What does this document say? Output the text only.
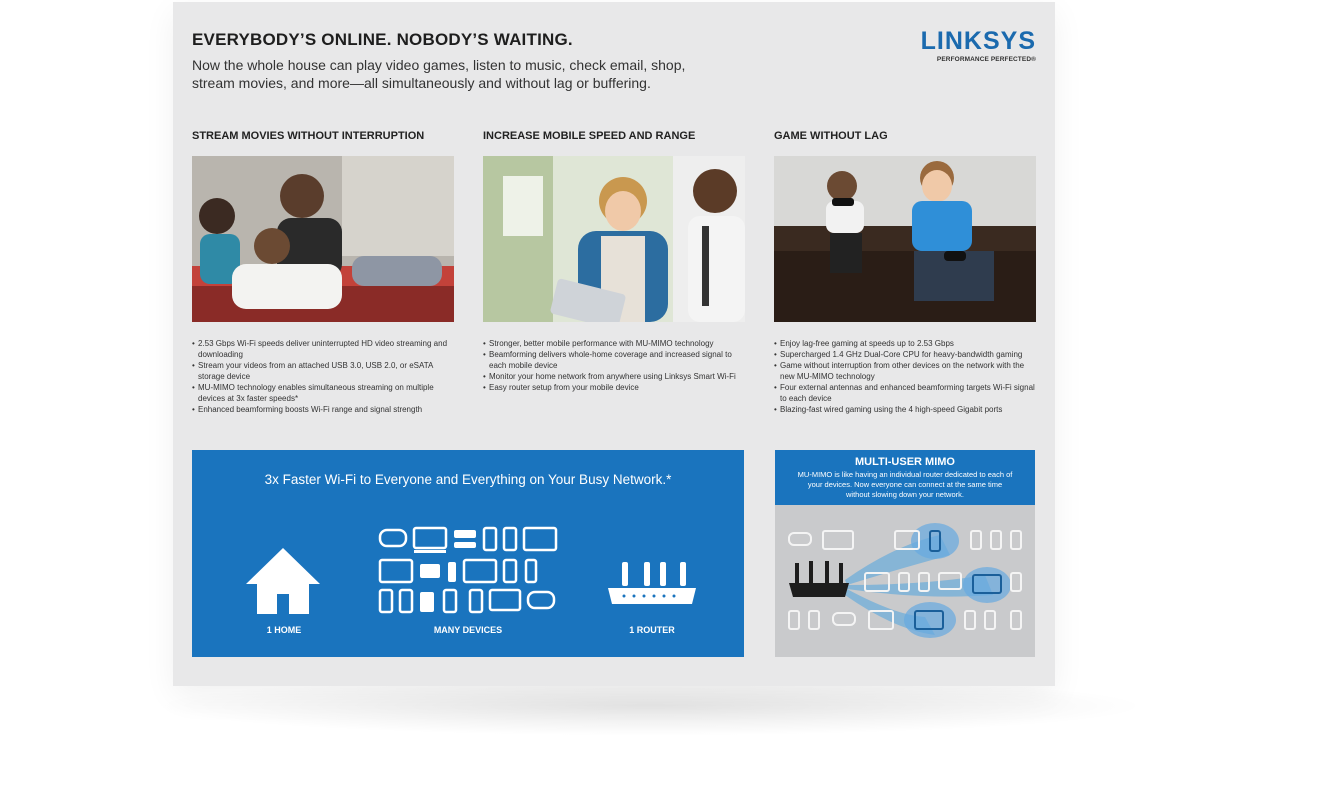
EVERYBODY’S ONLINE. NOBODY’S WAITING.
Now the whole house can play video games, listen to music, check email, shop, stream movies, and more—all simultaneously and without lag or buffering.
LINKSYS
PERFORMANCE PERFECTED®
STREAM MOVIES WITHOUT INTERRUPTION
• 2.53 Gbps Wi-Fi speeds deliver uninterrupted HD video streaming and downloading
• Stream your videos from an attached USB 3.0, USB 2.0, or eSATA storage device
• MU-MIMO technology enables simultaneous streaming on multiple devices at 3x faster speeds*
• Enhanced beamforming boosts Wi-Fi range and signal strength
INCREASE MOBILE SPEED AND RANGE
• Stronger, better mobile performance with MU-MIMO technology
• Beamforming delivers whole-home coverage and increased signal to each mobile device
• Monitor your home network from anywhere using Linksys Smart Wi-Fi
• Easy router setup from your mobile device
GAME WITHOUT LAG
• Enjoy lag-free gaming at speeds up to 2.53 Gbps
• Supercharged 1.4 GHz Dual-Core CPU for heavy-bandwidth gaming
• Game without interruption from other devices on the network with the new MU-MIMO technology
• Four external antennas and enhanced beamforming targets Wi-Fi signal to each device
• Blazing-fast wired gaming using the 4 high-speed Gigabit ports
3x Faster Wi-Fi to Everyone and Everything on Your Busy Network.*
1 HOME	MANY DEVICES	1 ROUTER
MULTI-USER MIMO
MU-MIMO is like having an individual router dedicated to each of your devices. Now everyone can connect at the same time without slowing down your network.
